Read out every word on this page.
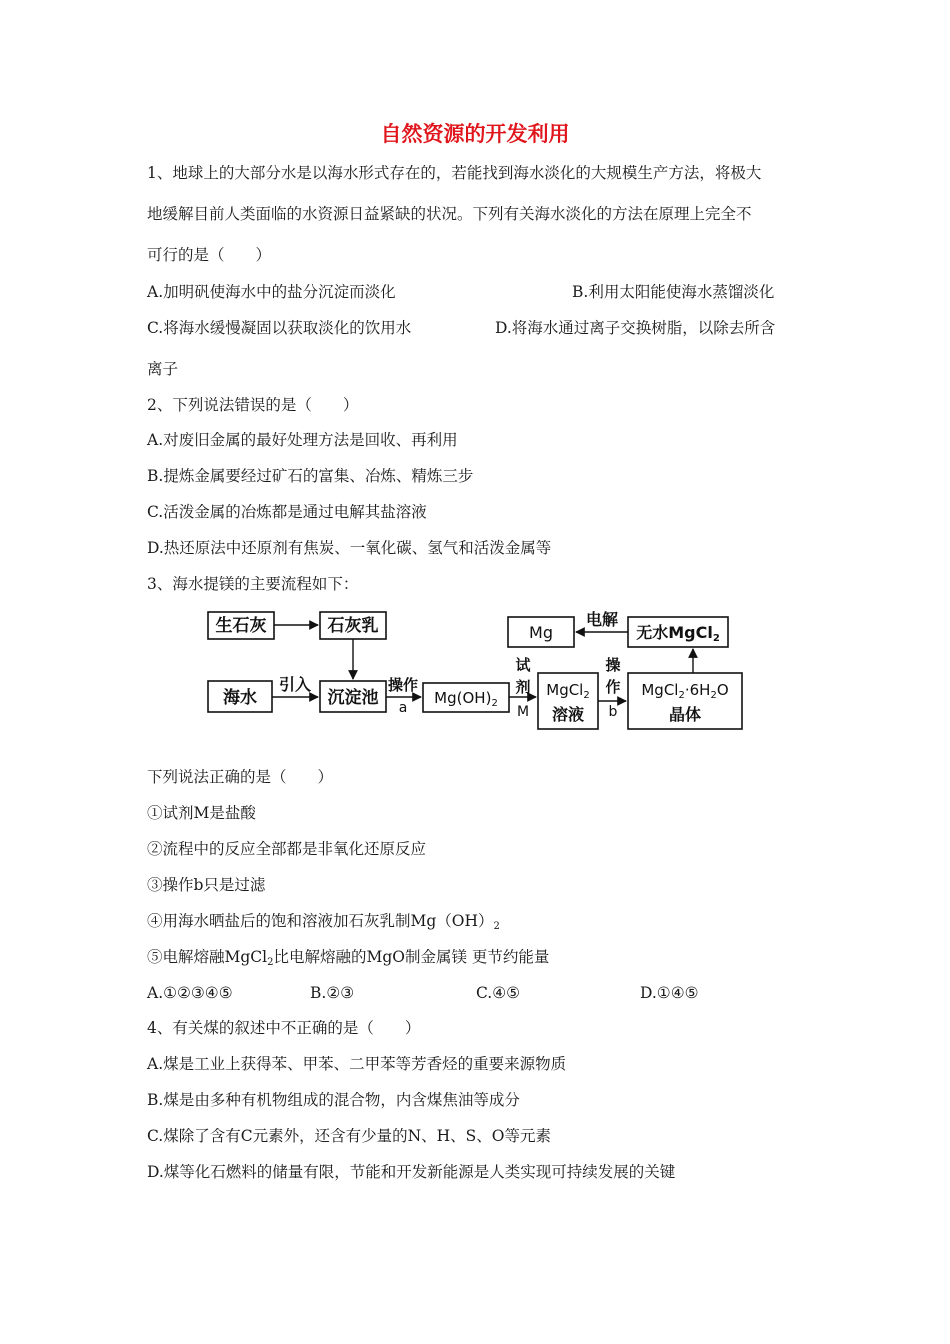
自然资源的开发利用
1、地球上的大部分水是以海水形式存在的，若能找到海水淡化的大规模生产方法，将极大
地缓解目前人类面临的水资源日益紧缺的状况。下列有关海水淡化的方法在原理上完全不
可行的是（　　）
A.加明矾使海水中的盐分沉淀而淡化	B.利用太阳能使海水蒸馏淡化
C.将海水缓慢凝固以获取淡化的饮用水	D.将海水通过离子交换树脂，以除去所含
离子
2、下列说法错误的是（　　）
A.对废旧金属的最好处理方法是回收、再利用
B.提炼金属要经过矿石的富集、冶炼、精炼三步
C.活泼金属的冶炼都是通过电解其盐溶液
D.热还原法中还原剂有焦炭、一氧化碳、氢气和活泼金属等
3、海水提镁的主要流程如下：
生石灰	石灰乳
海水
引入
沉淀池
操作
a
$Mg(OH)_2$
试
剂
M
MgCl$_2$
溶液
操
作
b
$MgCl_2\cdot 6H_2O$
晶体
无水MgCl2
电解
Mg
下列说法正确的是（　　）
①试剂M是盐酸
②流程中的反应全部都是非氧化还原反应
③操作b只是过滤
④用海水晒盐后的饱和溶液加石灰乳制$Mg(OH)_2$
⑤电解熔融MgCl$_2$比电解熔融的MgO制金属镁 更节约能量
A.①②③④⑤	B.②③	C.④⑤	D.①④⑤
4、有关煤的叙述中不正确的是（　　）
A.煤是工业上获得苯、甲苯、二甲苯等芳香烃的重要来源物质
B.煤是由多种有机物组成的混合物，内含煤焦油等成分
C.煤除了含有C元素外，还含有少量的N、H、S、O等元素
D.煤等化石燃料的储量有限，节能和开发新能源是人类实现可持续发展的关键
